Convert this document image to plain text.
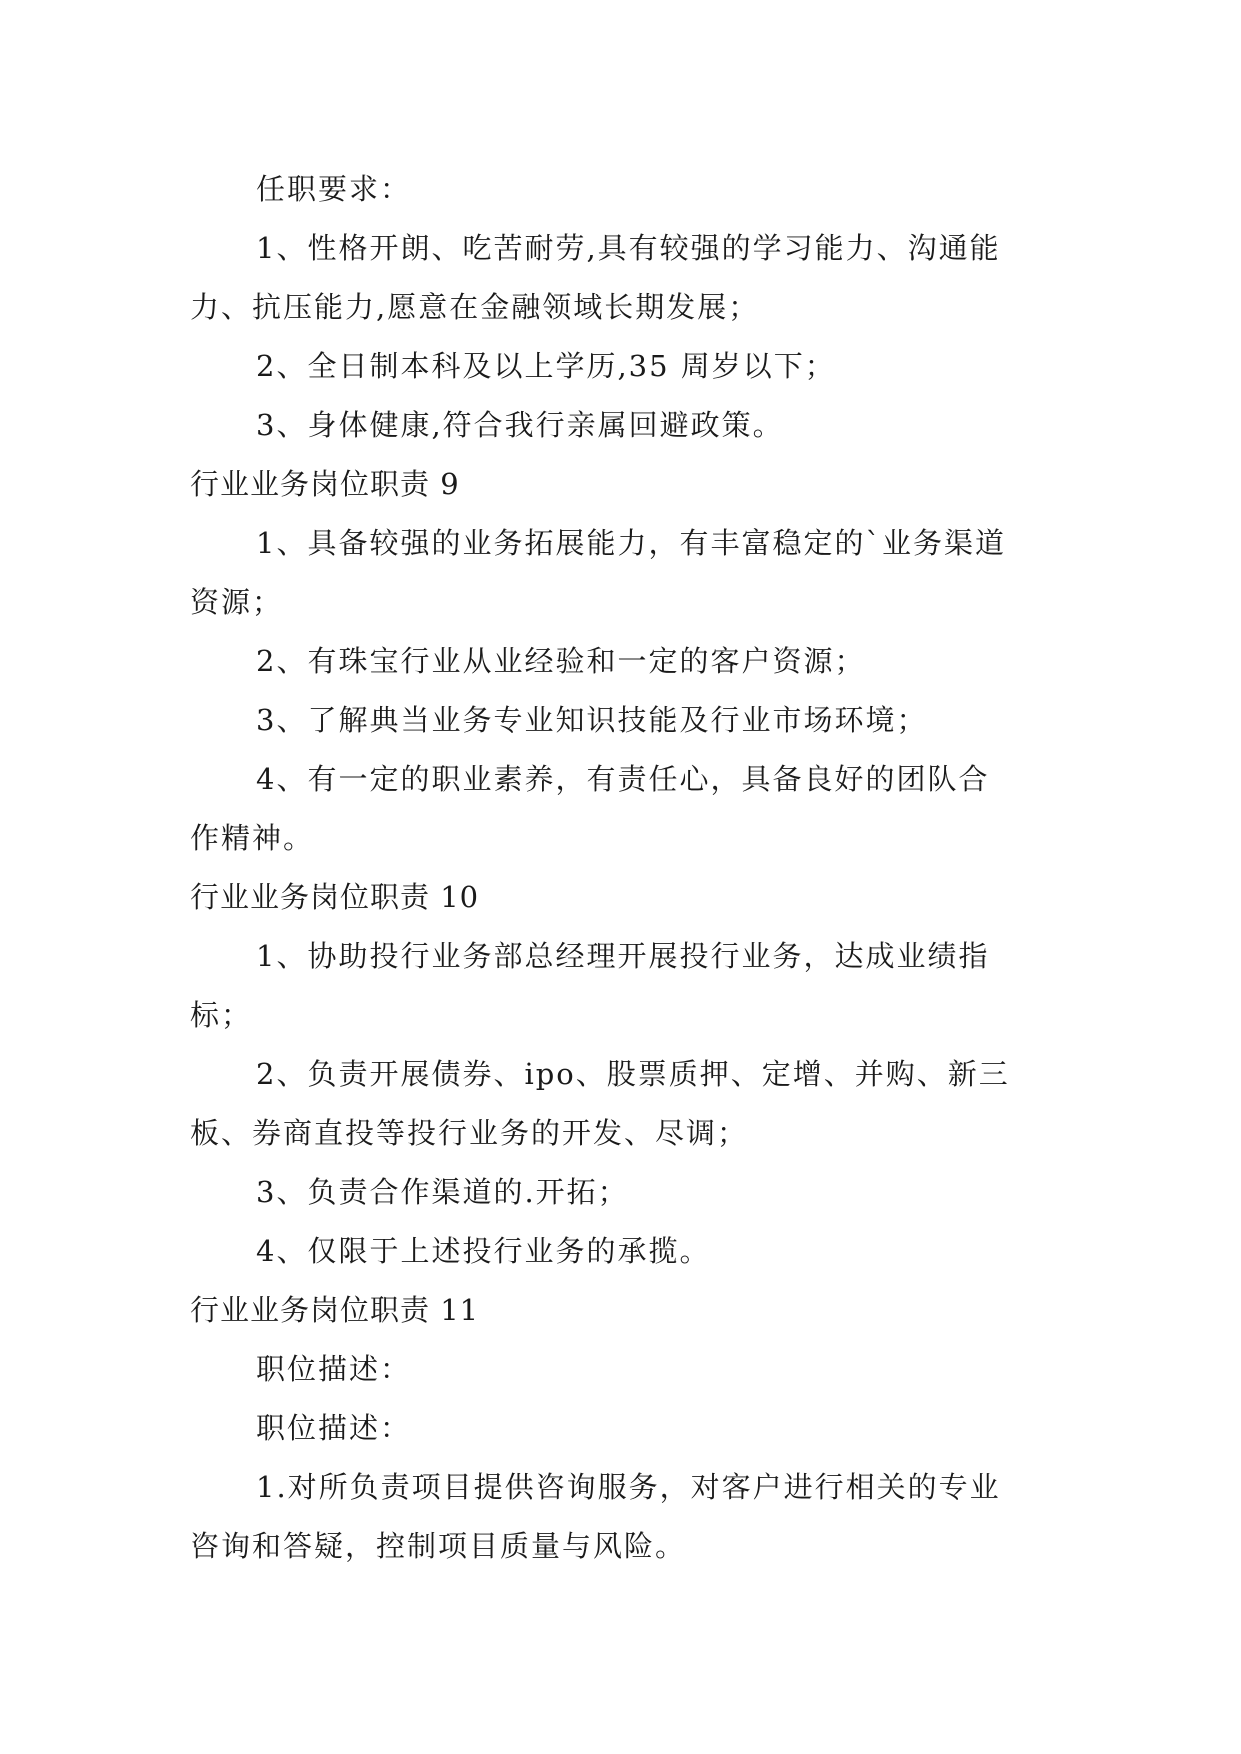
任职要求：
1、性格开朗、吃苦耐劳,具有较强的学习能力、沟通能
力、抗压能力,愿意在金融领域长期发展；
2、全日制本科及以上学历,35 周岁以下；
3、身体健康,符合我行亲属回避政策。
行业业务岗位职责 9
1、具备较强的业务拓展能力，有丰富稳定的`业务渠道
资源；
2、有珠宝行业从业经验和一定的客户资源；
3、了解典当业务专业知识技能及行业市场环境；
4、有一定的职业素养，有责任心，具备良好的团队合
作精神。
行业业务岗位职责 10
1、协助投行业务部总经理开展投行业务，达成业绩指
标；
2、负责开展债券、ipo、股票质押、定增、并购、新三
板、券商直投等投行业务的开发、尽调；
3、负责合作渠道的.开拓；
4、仅限于上述投行业务的承揽。
行业业务岗位职责 11
职位描述：
职位描述：
1.对所负责项目提供咨询服务，对客户进行相关的专业
咨询和答疑，控制项目质量与风险。
